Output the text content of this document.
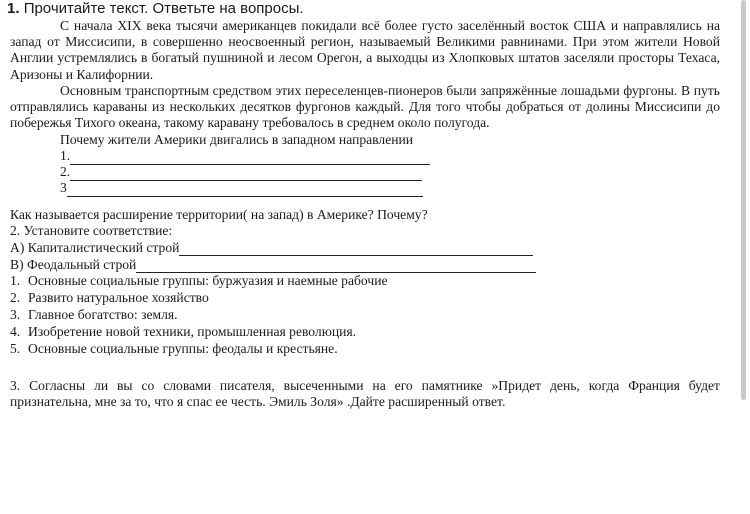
1. Прочитайте текст. Ответьте на вопросы.

С начала XIX века тысячи американцев покидали всё более густо заселённый восток США и направлялись на запад от Миссисипи, в совершенно неосвоенный регион, называемый Великими равнинами. При этом жители Новой Англии устремлялись в богатый пушниной и лесом Орегон, а выходцы из Хлопковых штатов заселяли просторы Техаса, Аризоны и Калифорнии.

Основным транспортным средством этих переселенцев-пионеров были запряжённые лошадьми фургоны. В путь отправлялись караваны из нескольких десятков фургонов каждый. Для того чтобы добраться от долины Миссисипи до побережья Тихого океана, такому каравану требовалось в среднем около полугода.

Почему жители Америки двигались в западном направлении
1.
2.
3

Как называется расширение территории( на запад) в Америке? Почему?

2. Установите соответствие:

А) Капиталистический строй
В) Феодальный строй
1. Основные социальные группы: буржуазия и наемные рабочие
2. Развито натуральное хозяйство
3. Главное богатство: земля.
4. Изобретение новой техники, промышленная революция.
5. Основные социальные группы: феодалы и крестьяне.

3. Согласны ли вы со словами писателя, высеченными на его памятнике »Придет день, когда Франция будет признательна, мне за то, что я спас ее честь. Эмиль Золя» .Дайте расширенный ответ.
